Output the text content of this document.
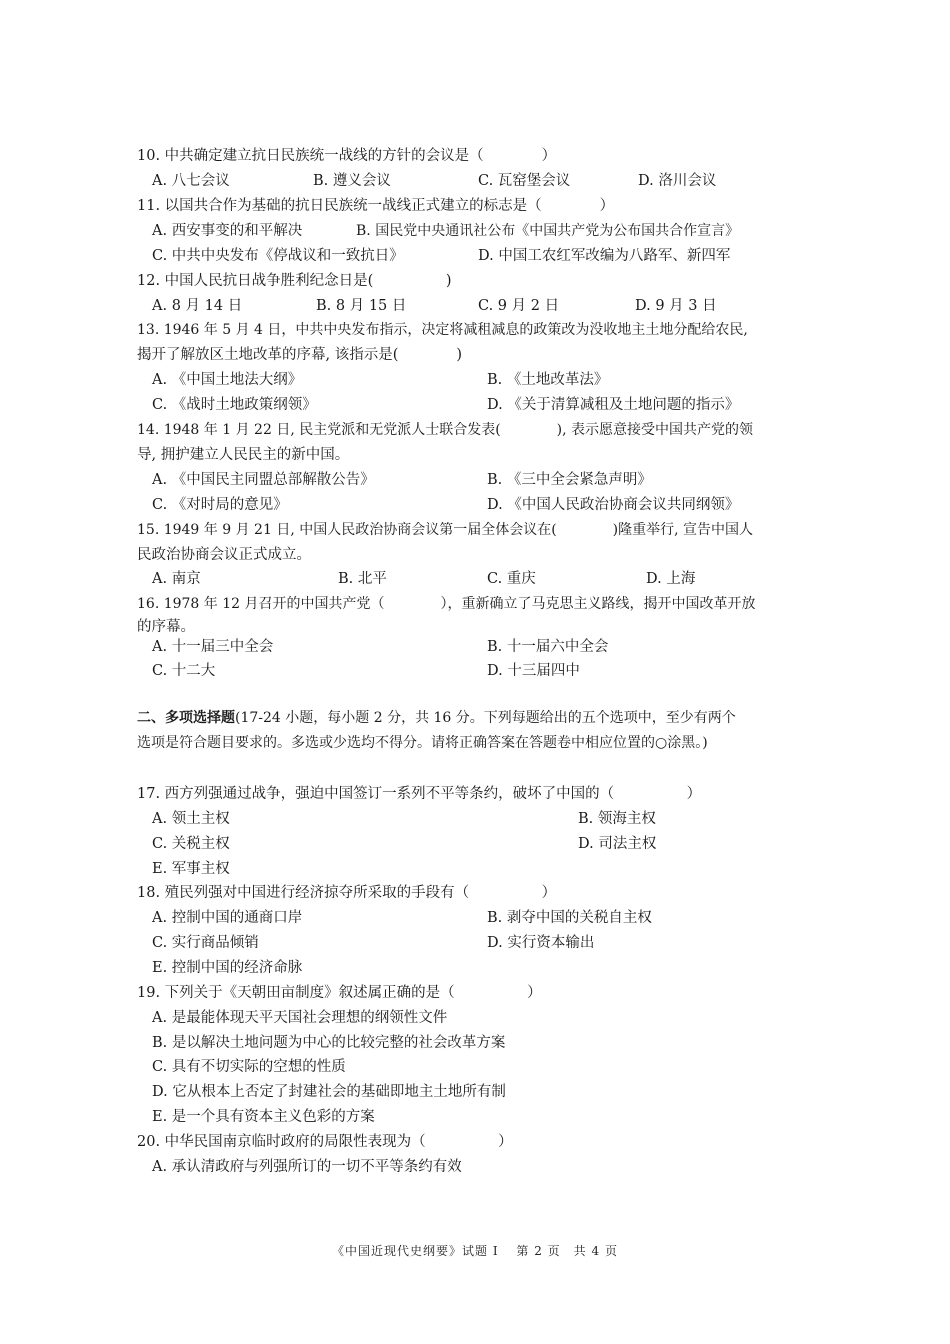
10. 中共确定建立抗日民族统一战线的方针的会议是（　　　　）
A. 八七会议	B. 遵义会议	C. 瓦窑堡会议	D. 洛川会议
11. 以国共合作为基础的抗日民族统一战线正式建立的标志是（　　　　）
A. 西安事变的和平解决	B. 国民党中央通讯社公布《中国共产党为公布国共合作宣言》
C. 中共中央发布《停战议和一致抗日》	D. 中国工农红军改编为八路军、新四军
12. 中国人民抗日战争胜利纪念日是(　　　　　)
A. 8 月 14 日	B. 8 月 15 日	C. 9 月 2 日	D. 9 月 3 日
13. 1946 年 5 月 4 日，中共中央发布指示，决定将减租减息的政策改为没收地主土地分配给农民,
揭开了解放区土地改革的序幕, 该指示是(　　　　)
A. 《中国土地法大纲》	B. 《土地改革法》
C. 《战时土地政策纲领》	D. 《关于清算减租及土地问题的指示》
14. 1948 年 1 月 22 日, 民主党派和无党派人士联合发表(　　　　), 表示愿意接受中国共产党的领
导, 拥护建立人民民主的新中国。
A. 《中国民主同盟总部解散公告》	B. 《三中全会紧急声明》
C. 《对时局的意见》	D. 《中国人民政治协商会议共同纲领》
15. 1949 年 9 月 21 日, 中国人民政治协商会议第一届全体会议在(　　　　)隆重举行, 宣告中国人
民政治协商会议正式成立。
A. 南京	B. 北平	C. 重庆	D. 上海
16. 1978 年 12 月召开的中国共产党（　　　　），重新确立了马克思主义路线，揭开中国改革开放
的序幕。
A. 十一届三中全会	B. 十一届六中全会
C. 十二大	D. 十三届四中
二、多项选择题(17-24 小题，每小题 2 分，共 16 分。下列每题给出的五个选项中，至少有两个
选项是符合题目要求的。多选或少选均不得分。请将正确答案在答题卷中相应位置的○涂黑。)
17. 西方列强通过战争，强迫中国签订一系列不平等条约，破坏了中国的（　　　　　）
A. 领土主权	B. 领海主权
C. 关税主权	D. 司法主权
E. 军事主权
18. 殖民列强对中国进行经济掠夺所采取的手段有（　　　　　）
A. 控制中国的通商口岸	B. 剥夺中国的关税自主权
C. 实行商品倾销	D. 实行资本输出
E. 控制中国的经济命脉
19. 下列关于《天朝田亩制度》叙述属正确的是（　　　　　）
A. 是最能体现天平天国社会理想的纲领性文件
B. 是以解决土地问题为中心的比较完整的社会改革方案
C. 具有不切实际的空想的性质
D. 它从根本上否定了封建社会的基础即地主土地所有制
E. 是一个具有资本主义色彩的方案
20. 中华民国南京临时政府的局限性表现为（　　　　　）
A. 承认清政府与列强所订的一切不平等条约有效
《中国近现代史纲要》试题 I　 第 2 页　共 4 页
